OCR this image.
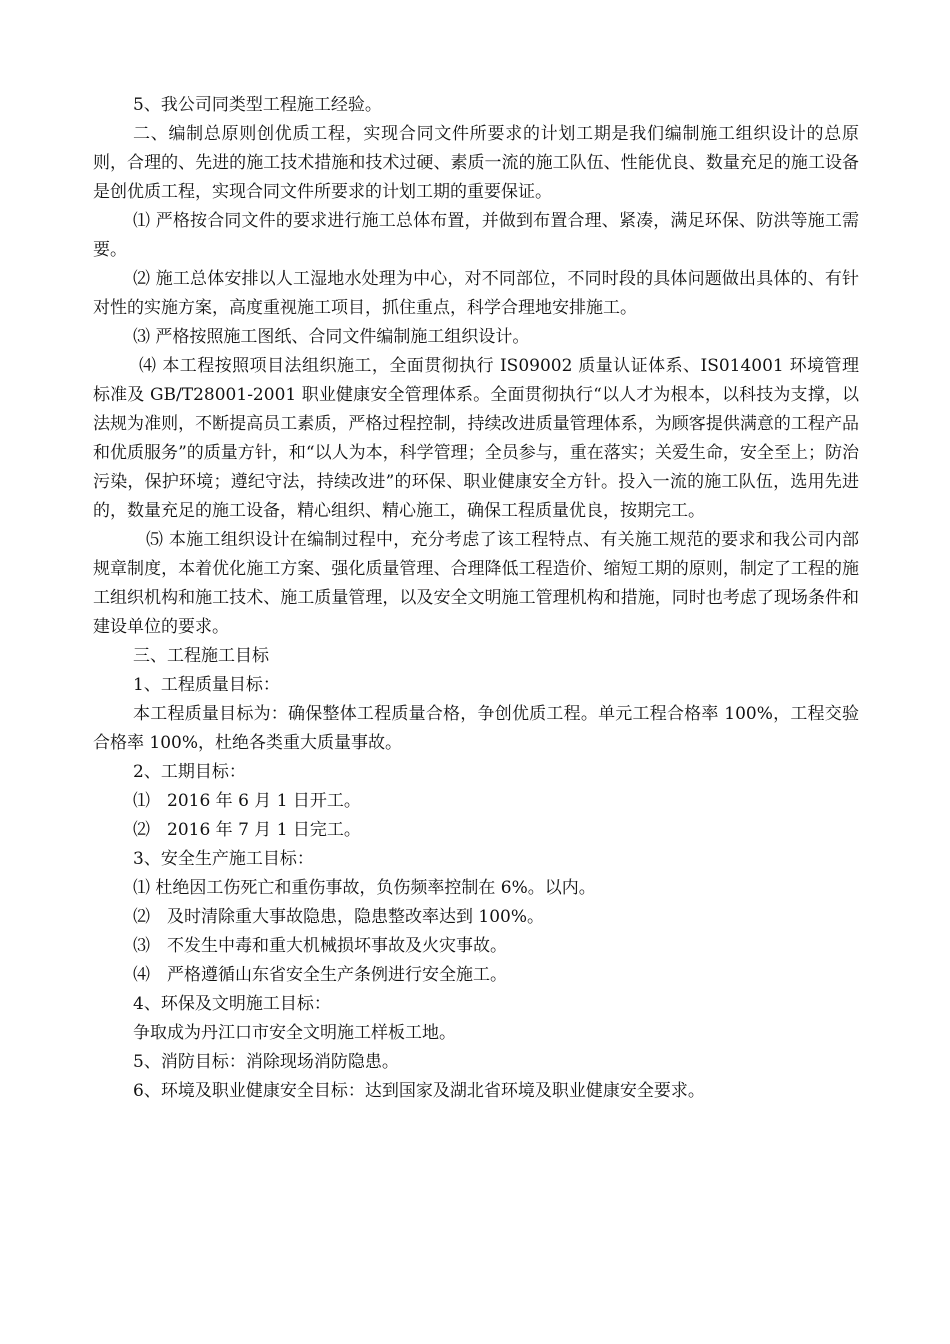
5、我公司同类型工程施工经验。

二、编制总原则创优质工程，实现合同文件所要求的计划工期是我们编制施工组织设计的总原则，合理的、先进的施工技术措施和技术过硬、素质一流的施工队伍、性能优良、数量充足的施工设备是创优质工程，实现合同文件所要求的计划工期的重要保证。

⑴ 严格按合同文件的要求进行施工总体布置，并做到布置合理、紧凑，满足环保、防洪等施工需要。

⑵ 施工总体安排以人工湿地水处理为中心，对不同部位，不同时段的具体问题做出具体的、有针对性的实施方案，高度重视施工项目，抓住重点，科学合理地安排施工。

⑶ 严格按照施工图纸、合同文件编制施工组织设计。

⑷ 本工程按照项目法组织施工，全面贯彻执行 IS09002 质量认证体系、IS014001 环境管理标准及 GB/T28001-2001 职业健康安全管理体系。全面贯彻执行“以人才为根本，以科技为支撑，以法规为准则，不断提高员工素质，严格过程控制，持续改进质量管理体系，为顾客提供满意的工程产品和优质服务”的质量方针，和“以人为本，科学管理；全员参与，重在落实；关爱生命，安全至上；防治污染，保护环境；遵纪守法，持续改进”的环保、职业健康安全方针。投入一流的施工队伍，选用先进的，数量充足的施工设备，精心组织、精心施工，确保工程质量优良，按期完工。

⑸ 本施工组织设计在编制过程中，充分考虑了该工程特点、有关施工规范的要求和我公司内部规章制度，本着优化施工方案、强化质量管理、合理降低工程造价、缩短工期的原则，制定了工程的施工组织机构和施工技术、施工质量管理，以及安全文明施工管理机构和措施，同时也考虑了现场条件和建设单位的要求。

三、工程施工目标

1、工程质量目标：

本工程质量目标为：确保整体工程质量合格，争创优质工程。单元工程合格率 100%，工程交验合格率 100%，杜绝各类重大质量事故。

2、工期目标：

⑴　2016 年 6 月 1 日开工。

⑵　2016 年 7 月 1 日完工。

3、安全生产施工目标：

⑴ 杜绝因工伤死亡和重伤事故，负伤频率控制在 6%。以内。

⑵　及时清除重大事故隐患，隐患整改率达到 100%。

⑶　不发生中毒和重大机械损坏事故及火灾事故。

⑷　严格遵循山东省安全生产条例进行安全施工。

4、环保及文明施工目标：

争取成为丹江口市安全文明施工样板工地。

5、消防目标：消除现场消防隐患。

6、环境及职业健康安全目标：达到国家及湖北省环境及职业健康安全要求。
